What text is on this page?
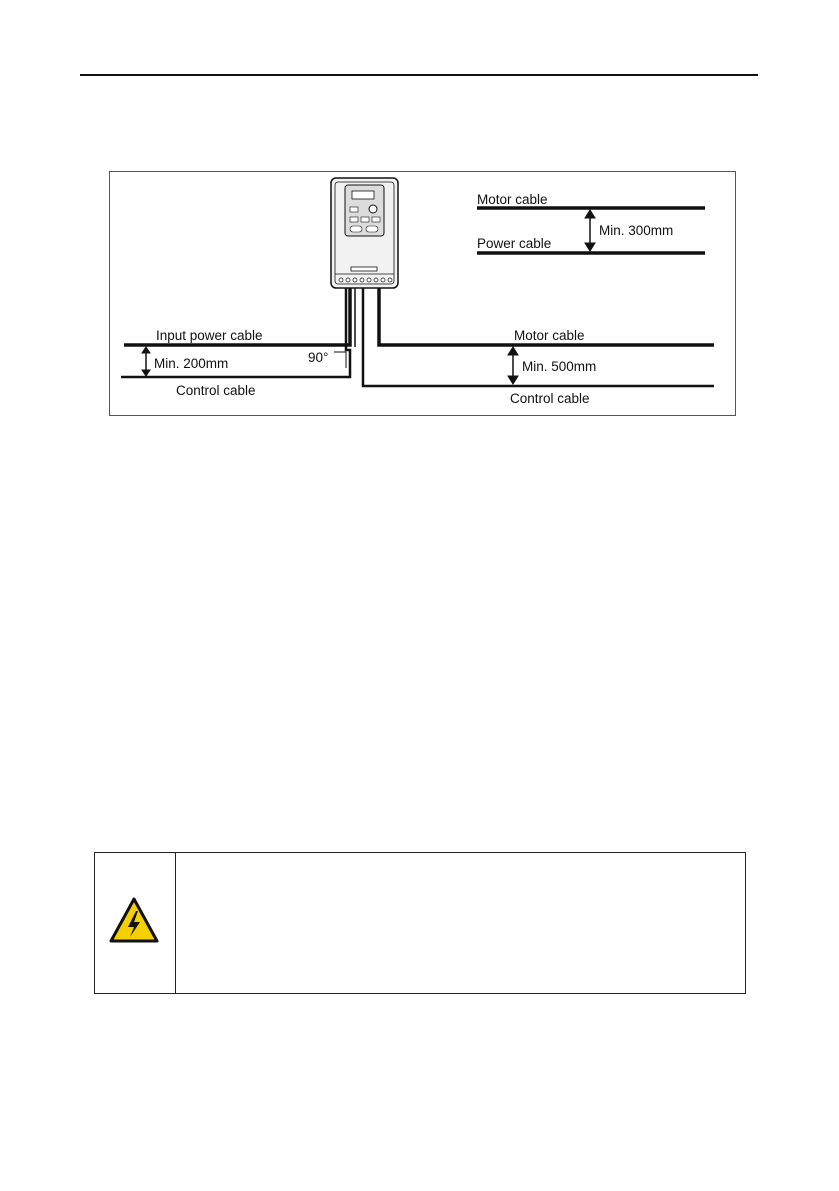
Motor cable
Min. 300mm
Power cable
Input power cable
Min. 200mm	90°
Control cable
Motor cable
Min. 500mm
Control cable
